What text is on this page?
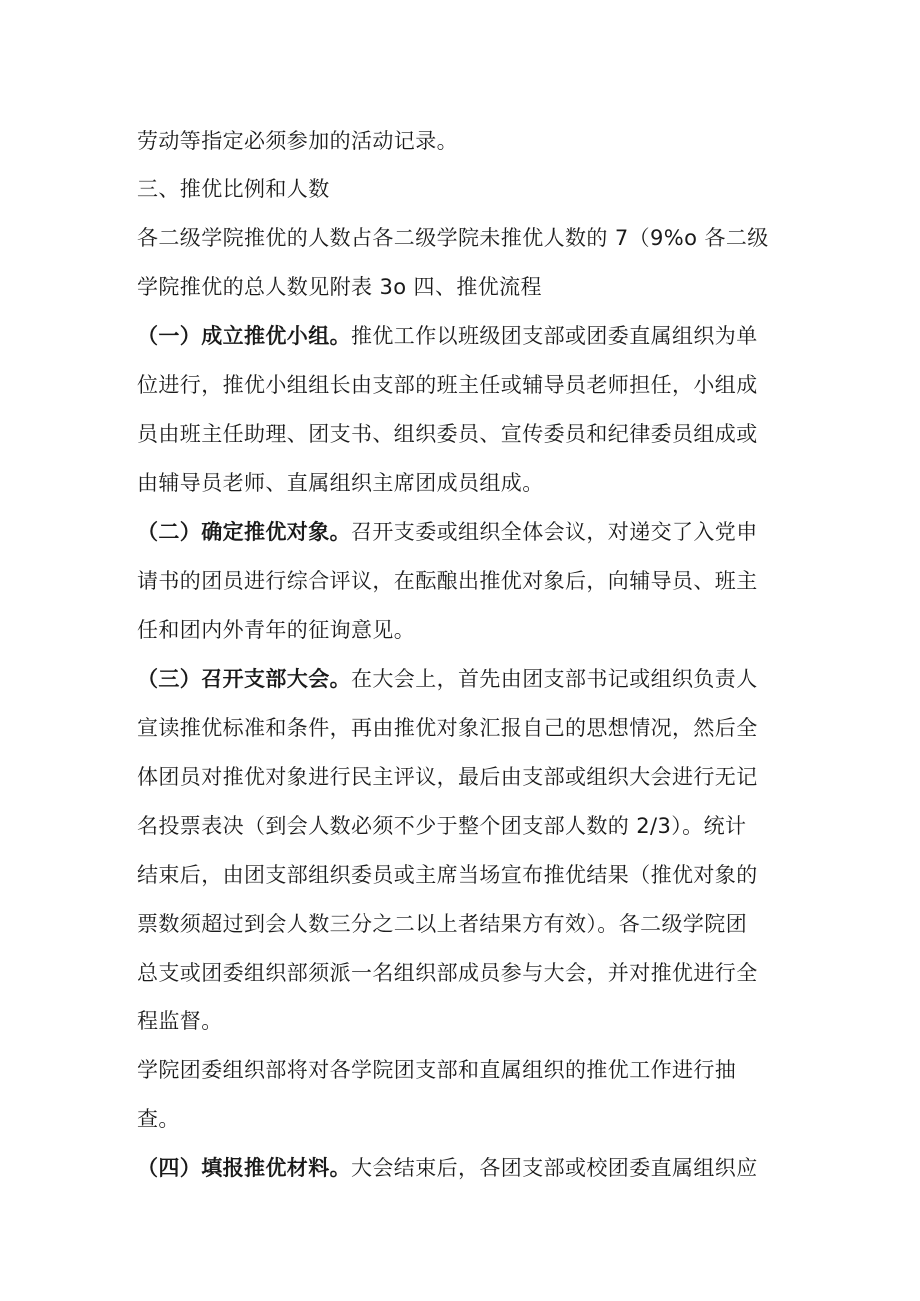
劳动等指定必须参加的活动记录。
三、推优比例和人数
各二级学院推优的人数占各二级学院未推优人数的 7（9%o 各二级
学院推优的总人数见附表 3o 四、推优流程
（一）成立推优小组。推优工作以班级团支部或团委直属组织为单
位进行，推优小组组长由支部的班主任或辅导员老师担任，小组成
员由班主任助理、团支书、组织委员、宣传委员和纪律委员组成或
由辅导员老师、直属组织主席团成员组成。
（二）确定推优对象。召开支委或组织全体会议，对递交了入党申
请书的团员进行综合评议，在酝酿出推优对象后，向辅导员、班主
任和团内外青年的征询意见。
（三）召开支部大会。在大会上，首先由团支部书记或组织负责人
宣读推优标准和条件，再由推优对象汇报自己的思想情况，然后全
体团员对推优对象进行民主评议，最后由支部或组织大会进行无记
名投票表决（到会人数必须不少于整个团支部人数的 2/3）。统计
结束后，由团支部组织委员或主席当场宣布推优结果（推优对象的
票数须超过到会人数三分之二以上者结果方有效）。各二级学院团
总支或团委组织部须派一名组织部成员参与大会，并对推优进行全
程监督。
学院团委组织部将对各学院团支部和直属组织的推优工作进行抽
查。
（四）填报推优材料。大会结束后，各团支部或校团委直属组织应
